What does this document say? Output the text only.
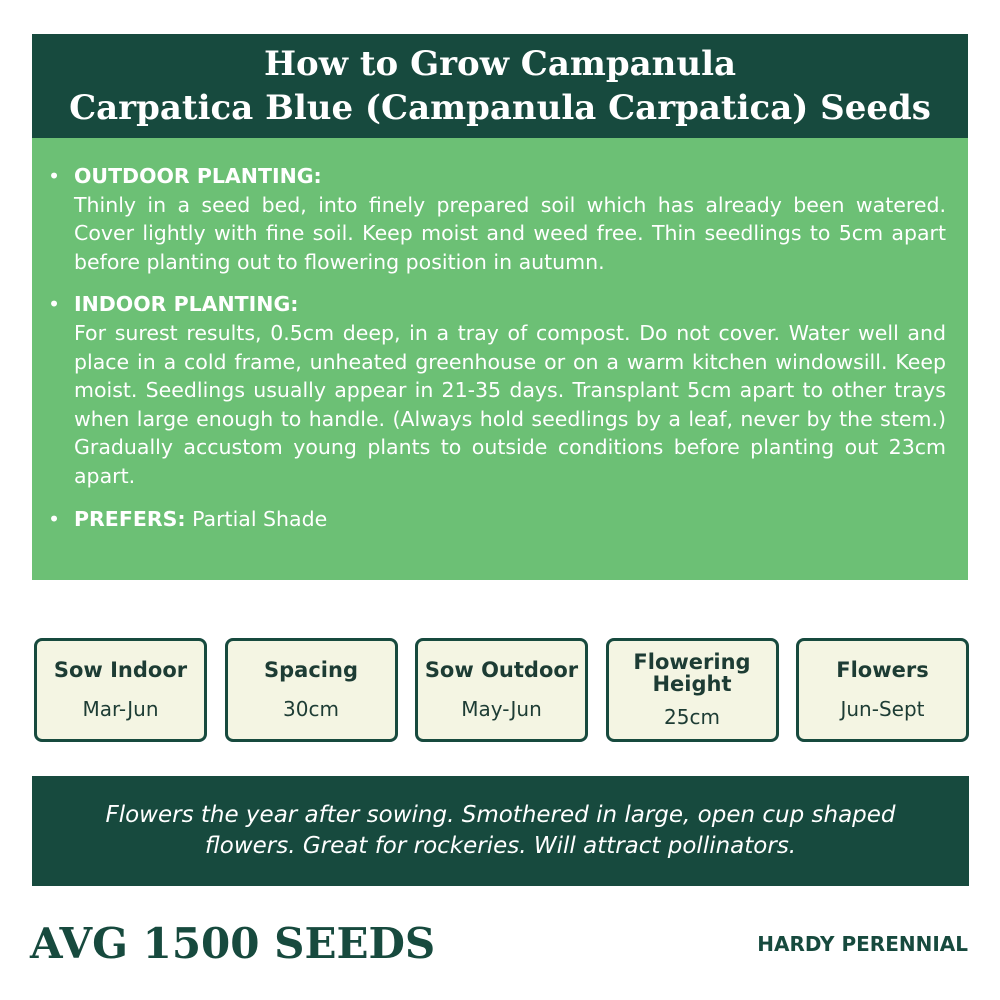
How to Grow Campanula
Carpatica Blue (Campanula Carpatica) Seeds
• OUTDOOR PLANTING:
Thinly in a seed bed, into finely prepared soil which has already been watered. Cover lightly with fine soil. Keep moist and weed free. Thin seedlings to 5cm apart before planting out to flowering position in autumn.
• INDOOR PLANTING:
For surest results, 0.5cm deep, in a tray of compost. Do not cover. Water well and place in a cold frame, unheated greenhouse or on a warm kitchen windowsill. Keep moist. Seedlings usually appear in 21-35 days. Transplant 5cm apart to other trays when large enough to handle. (Always hold seedlings by a leaf, never by the stem.) Gradually accustom young plants to outside conditions before planting out 23cm apart.
• PREFERS: Partial Shade
Sow Indoor
Mar-Jun
Spacing
30cm
Sow Outdoor
May-Jun
Flowering Height
25cm
Flowers
Jun-Sept
Flowers the year after sowing. Smothered in large, open cup shaped flowers. Great for rockeries. Will attract pollinators.
AVG 1500 SEEDS	HARDY PERENNIAL
